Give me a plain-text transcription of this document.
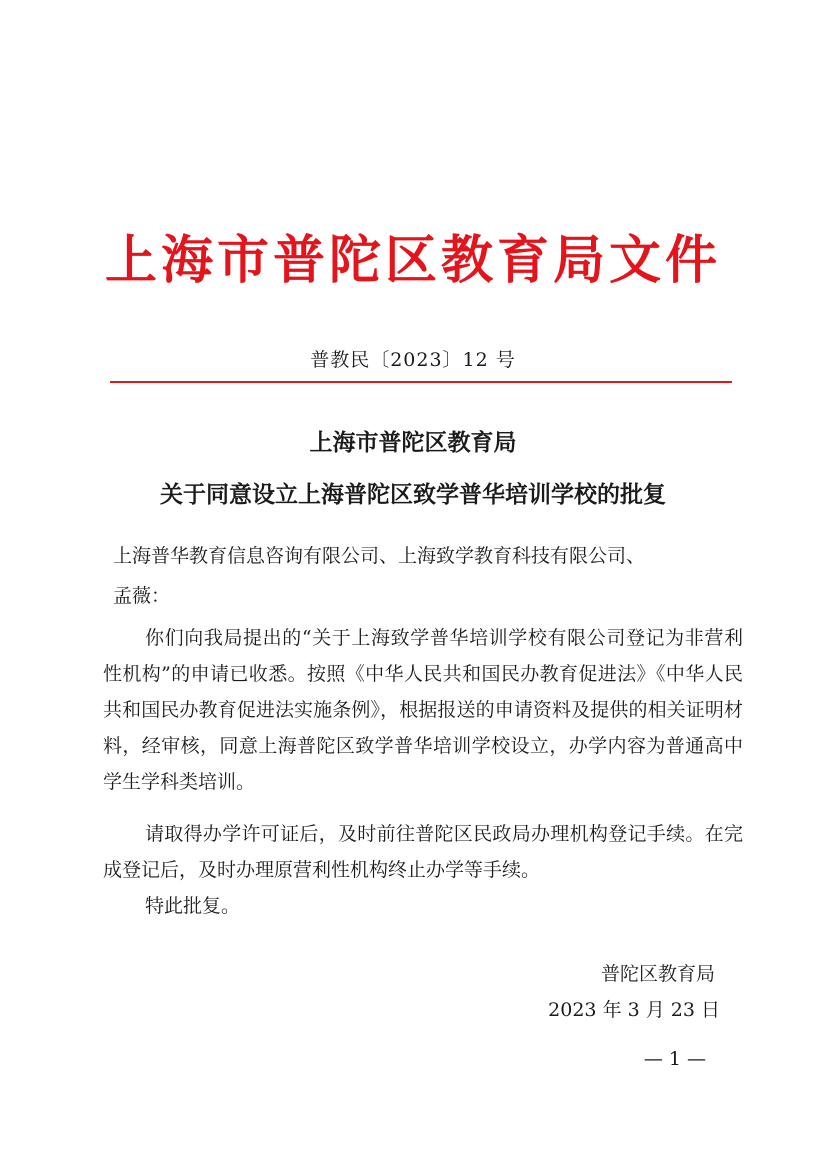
上海市普陀区教育局文件
普教民〔2023〕12 号
上海市普陀区教育局
关于同意设立上海普陀区致学普华培训学校的批复
上海普华教育信息咨询有限公司、上海致学教育科技有限公司、
孟薇：
你们向我局提出的“关于上海致学普华培训学校有限公司登记为非营利性机构”的申请已收悉。按照《中华人民共和国民办教育促进法》《中华人民共和国民办教育促进法实施条例》，根据报送的申请资料及提供的相关证明材料，经审核，同意上海普陀区致学普华培训学校设立，办学内容为普通高中学生学科类培训。
请取得办学许可证后，及时前往普陀区民政局办理机构登记手续。在完成登记后，及时办理原营利性机构终止办学等手续。
特此批复。
普陀区教育局
2023 年 3 月 23 日
— 1 —
